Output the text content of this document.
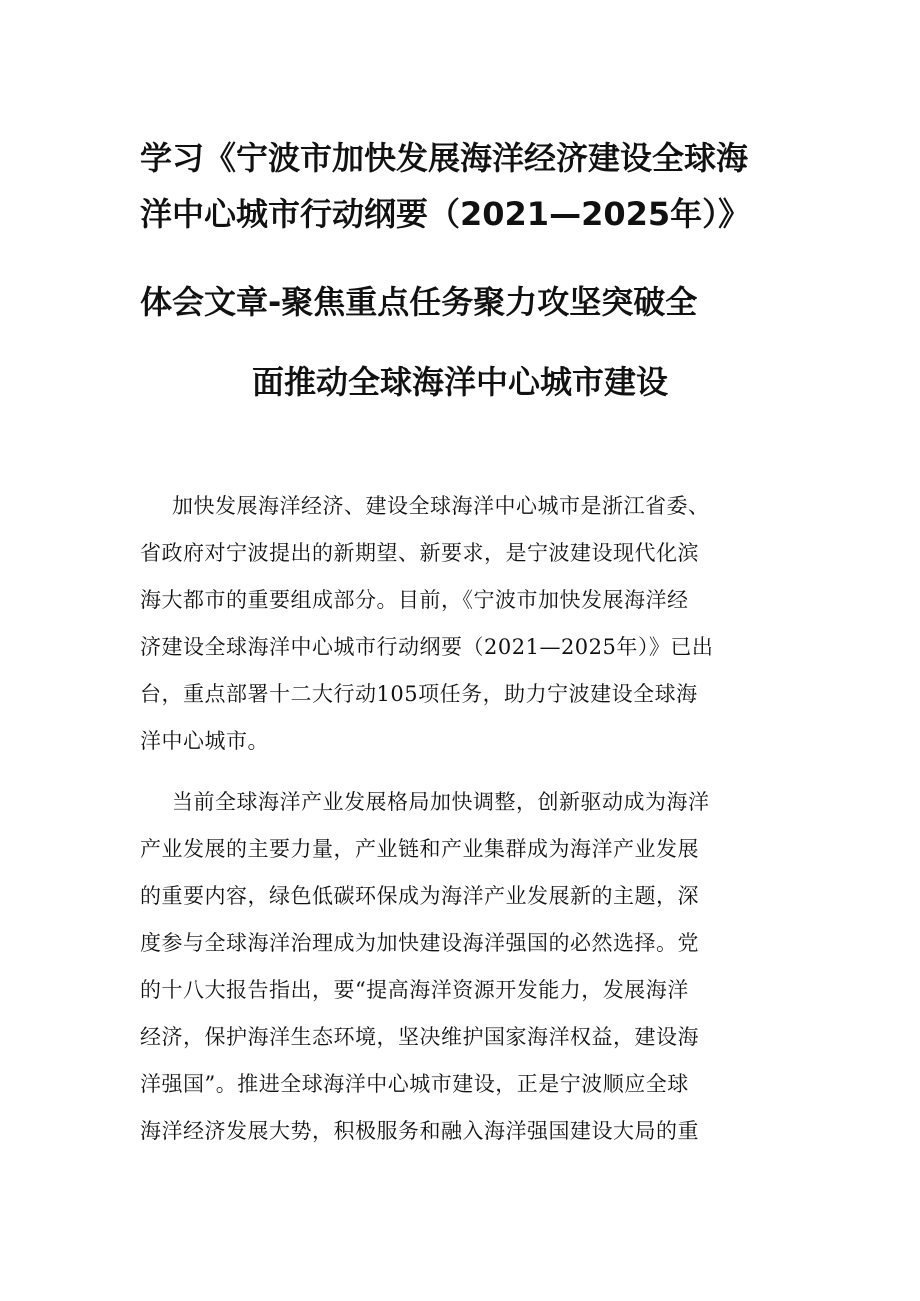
学习《宁波市加快发展海洋经济建设全球海
洋中心城市行动纲要（2021—2025年）》
体会文章-聚焦重点任务聚力攻坚突破全
面推动全球海洋中心城市建设
加快发展海洋经济、建设全球海洋中心城市是浙江省委、
省政府对宁波提出的新期望、新要求，是宁波建设现代化滨
海大都市的重要组成部分。目前，《宁波市加快发展海洋经
济建设全球海洋中心城市行动纲要（2021—2025年）》已出
台，重点部署十二大行动105项任务，助力宁波建设全球海
洋中心城市。
当前全球海洋产业发展格局加快调整，创新驱动成为海洋
产业发展的主要力量，产业链和产业集群成为海洋产业发展
的重要内容，绿色低碳环保成为海洋产业发展新的主题，深
度参与全球海洋治理成为加快建设海洋强国的必然选择。党
的十八大报告指出，要“提高海洋资源开发能力，发展海洋
经济，保护海洋生态环境，坚决维护国家海洋权益，建设海
洋强国”。推进全球海洋中心城市建设，正是宁波顺应全球
海洋经济发展大势，积极服务和融入海洋强国建设大局的重
